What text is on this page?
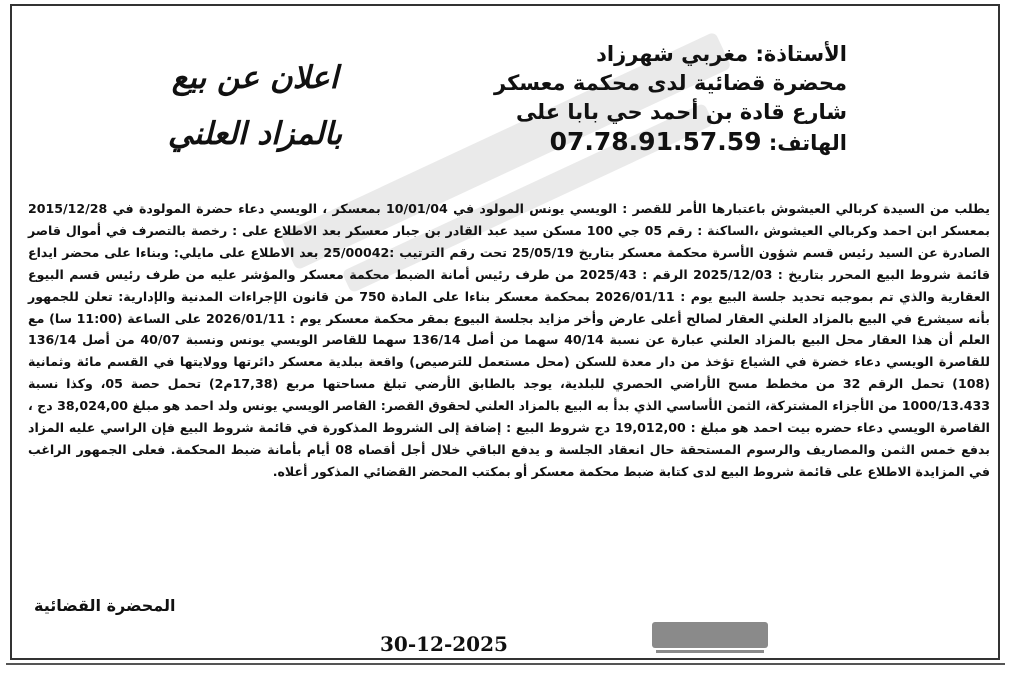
الأستاذة: مغربي شهرزاد
محضرة قضائية لدى محكمة معسكر
شارع قادة بن أحمد حي بابا على
الهاتف: 07.78.91.57.59
اعلان عن بيع
بالمزاد العلني
يطلب من السيدة كربالي العيشوش باعتبارها الأمر للقصر : الويسي يونس المولود في 10/01/04 بمعسكر ، الويسي دعاء حضرة المولودة في 2015/12/28 بمعسكر ابن احمد وكربالي العيشوش ،الساكنة : رقم 05 جي 100 مسكن سيد عبد القادر بن جبار معسكر بعد الاطلاع على : رخصة بالتصرف في أموال قاصر الصادرة عن السيد رئيس قسم شؤون الأسرة محكمة معسكر بتاريخ 25/05/19 تحت رقم الترتيب :25/00042 بعد الاطلاع على مايلي: وبناءا على محضر ايداع قائمة شروط البيع المحرر بتاريخ : 2025/12/03 الرقم : 2025/43 من طرف رئيس أمانة الضبط محكمة معسكر والمؤشر عليه من طرف رئيس قسم البيوع العقارية والذي تم بموجبه تحديد جلسة البيع يوم : 2026/01/11 بمحكمة معسكر بناءا على المادة 750 من قانون الإجراءات المدنية والإدارية: تعلن للجمهور بأنه سيشرع في البيع بالمزاد العلني العقار لصالح أعلى عارض وأخر مزايد بجلسة البيوع بمقر محكمة معسكر يوم : 2026/01/11 على الساعة (11:00 سا) مع العلم أن هذا العقار محل البيع بالمزاد العلني عبارة عن نسبة 40/14 سهما من أصل 136/14 سهما للقاصر الويسي يونس ونسبة 40/07 من أصل 136/14 للقاصرة الويسي دعاء خضرة في الشياع تؤخذ من دار معدة للسكن (محل مستعمل للترصيص) واقعة ببلدية معسكر دائرتها وولايتها في القسم مائة وثمانية (108) تحمل الرقم 32 من مخطط مسح الأراضي الحصري للبلدية، يوجد بالطابق الأرضي تبلغ مساحتها مربع (17,38م2) تحمل حصة 05، وكذا نسبة 1000/13.433 من الأجزاء المشتركة، الثمن الأساسي الذي بدأ به البيع بالمزاد العلني لحقوق القصر: القاصر الويسي يونس ولد احمد هو مبلغ 38,024,00 دج ، القاصرة الويسي دعاء حضره بيت احمد هو مبلغ : 19,012,00 دج شروط البيع : إضافة إلى الشروط المذكورة في قائمة شروط البيع فإن الراسي عليه المزاد بدفع خمس الثمن والمصاريف والرسوم المستحقة حال انعقاد الجلسة و يدفع الباقي خلال أجل أقصاه 08 أيام بأمانة ضبط المحكمة. فعلى الجمهور الراغب في المزايدة الاطلاع على قائمة شروط البيع لدى كتابة ضبط محكمة معسكر أو بمكتب المحضر القضائي المذكور أعلاه.
المحضرة القضائية
30-12-2025
